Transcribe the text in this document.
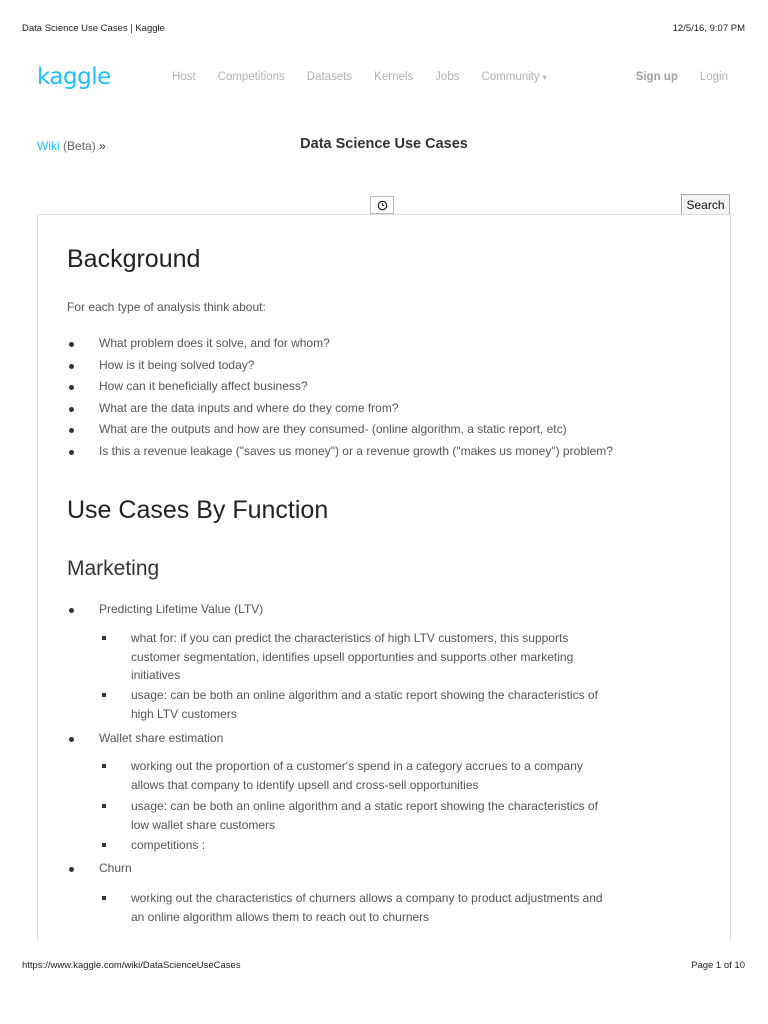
Data Science Use Cases | Kaggle	12/5/16, 9:07 PM
kaggle	Host Competitions Datasets Kernels Jobs Community ▾	Sign up Login
Wiki (Beta) »	Data Science Use Cases
Search
Background
For each type of analysis think about:
What problem does it solve, and for whom?
How is it being solved today?
How can it beneficially affect business?
What are the data inputs and where do they come from?
What are the outputs and how are they consumed- (online algorithm, a static report, etc)
Is this a revenue leakage ("saves us money") or a revenue growth ("makes us money") problem?
Use Cases By Function
Marketing
Predicting Lifetime Value (LTV)
what for: if you can predict the characteristics of high LTV customers, this supports customer segmentation, identifies upsell opportunties and supports other marketing initiatives
usage: can be both an online algorithm and a static report showing the characteristics of high LTV customers
Wallet share estimation
working out the proportion of a customer's spend in a category accrues to a company allows that company to identify upsell and cross-sell opportunities
usage: can be both an online algorithm and a static report showing the characteristics of low wallet share customers
competitions :
Churn
working out the characteristics of churners allows a company to product adjustments and an online algorithm allows them to reach out to churners
https://www.kaggle.com/wiki/DataScienceUseCases	Page 1 of 10
